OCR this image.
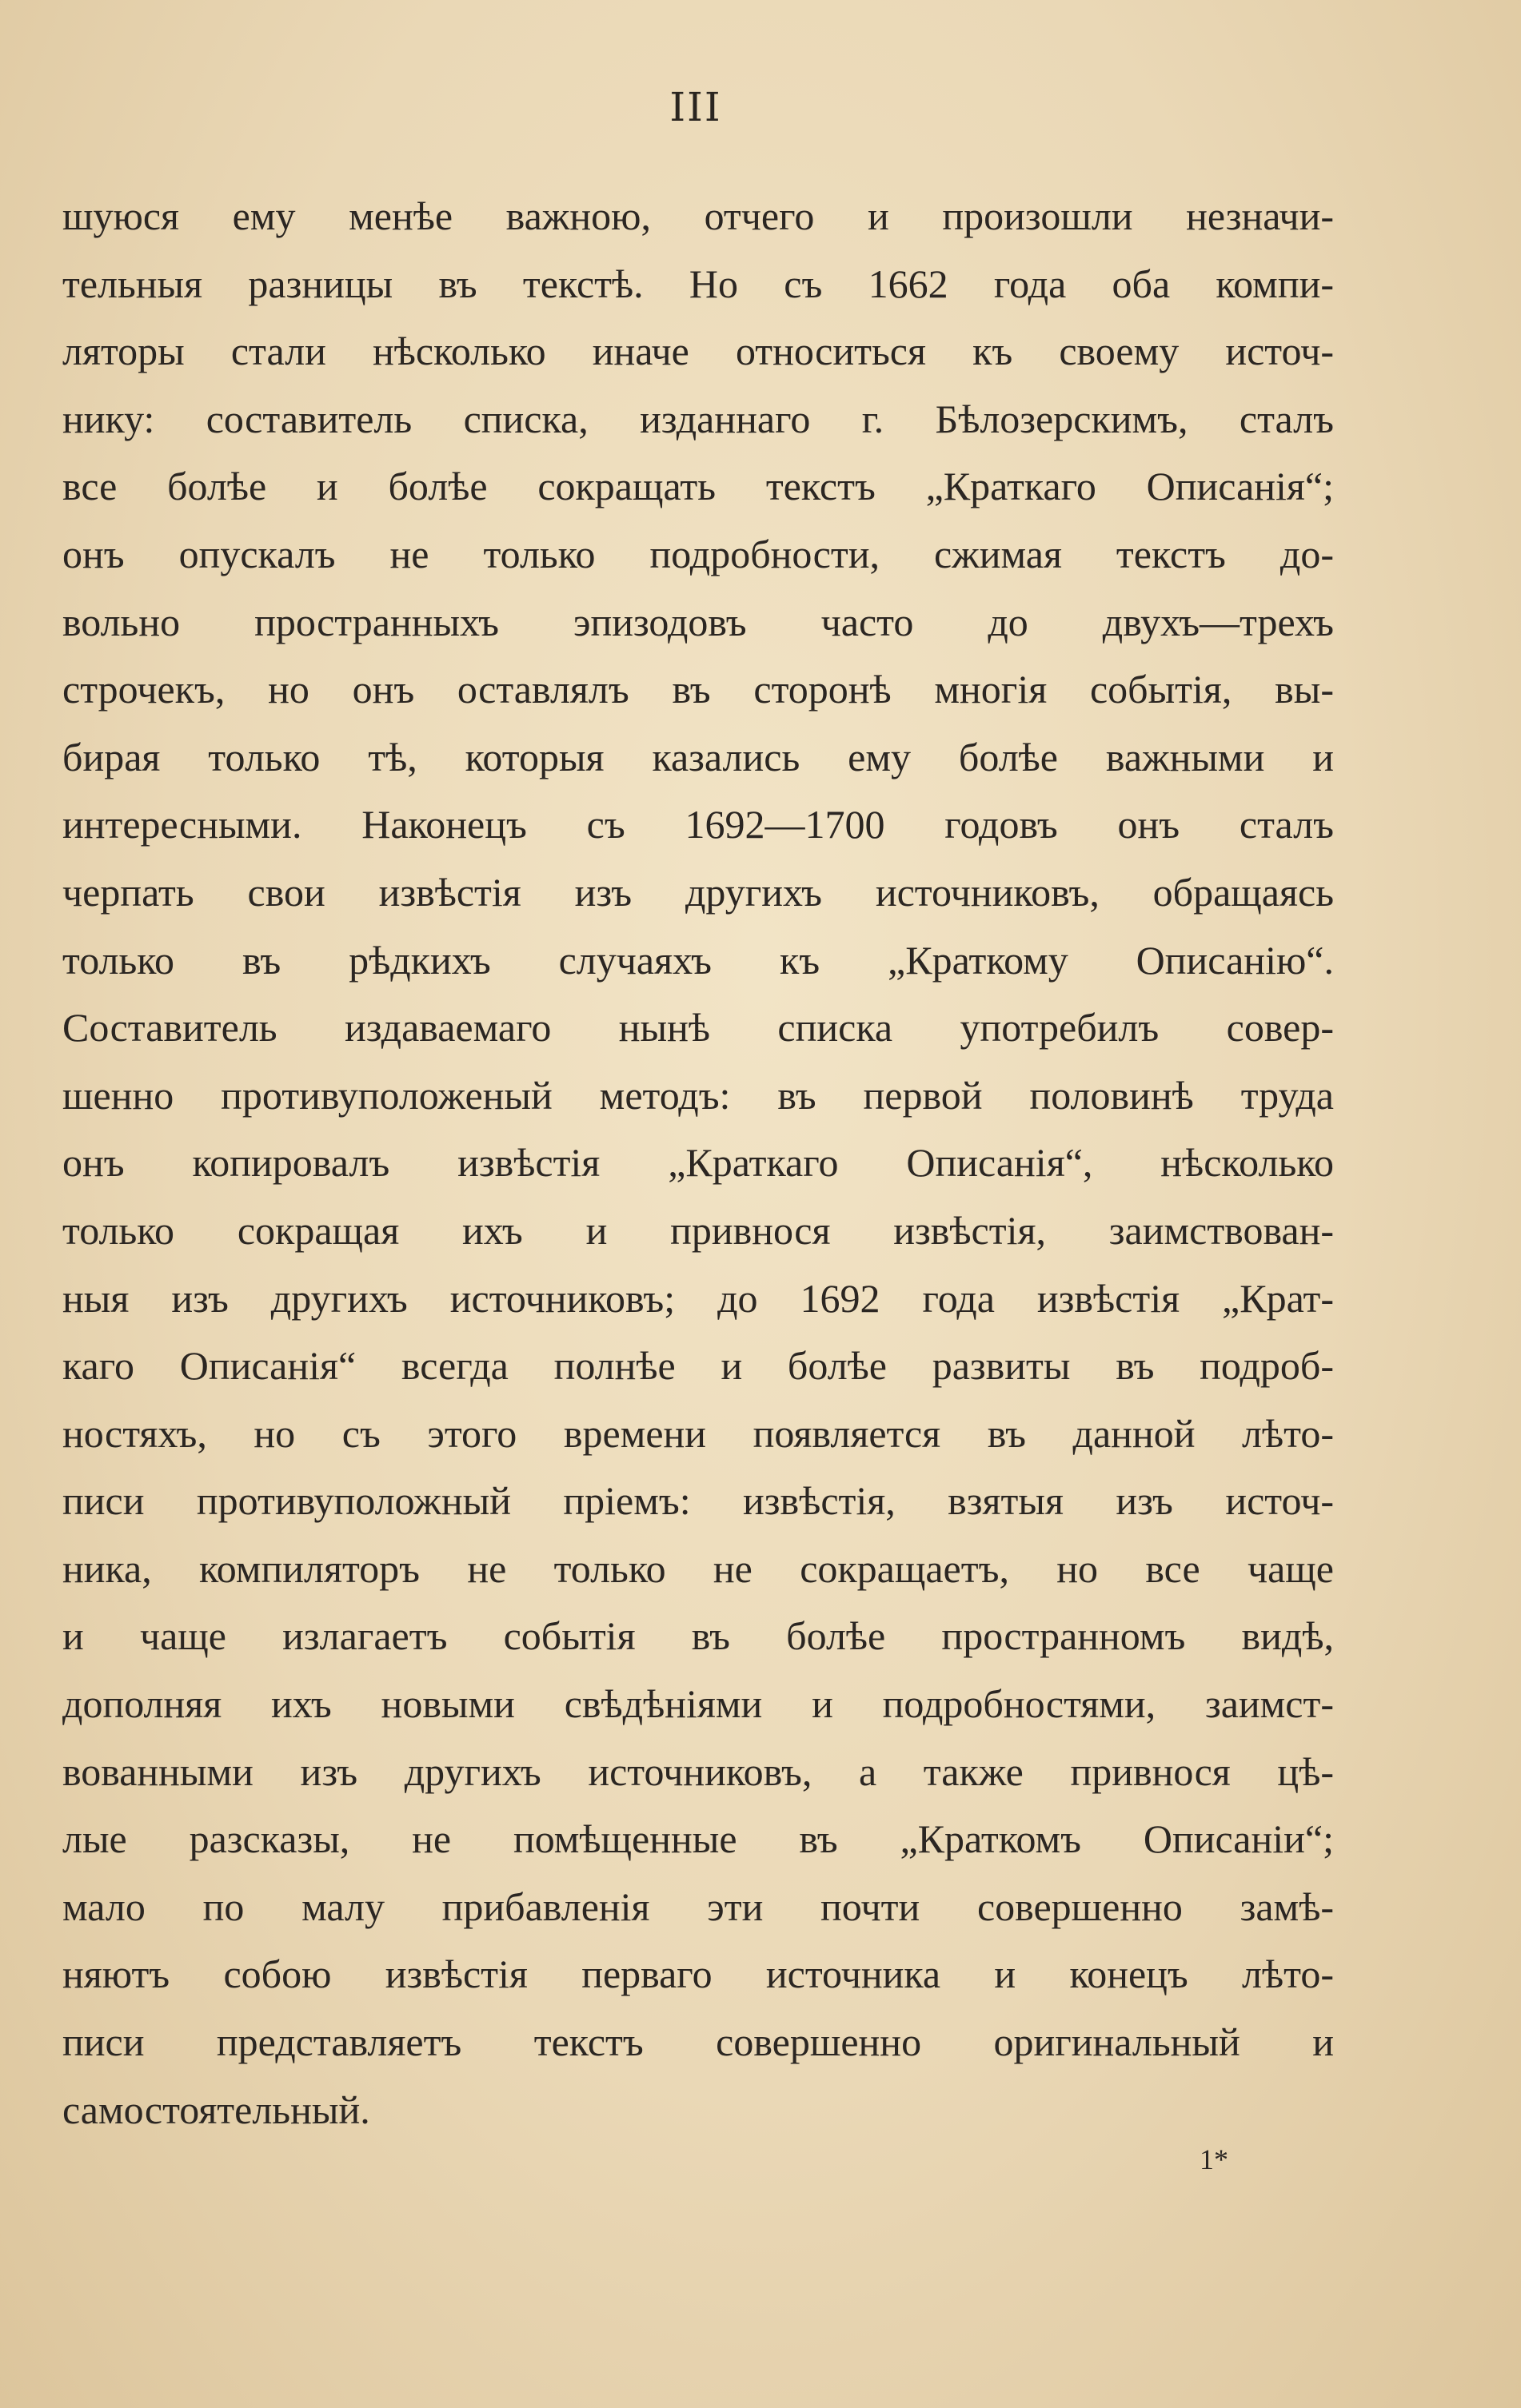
III
шуюся ему менѣе важною, отчего и произошли незначи-
тельныя разницы въ текстѣ. Но съ 1662 года оба компи-
ляторы стали нѣсколько иначе относиться къ своему источ-
нику: составитель списка, изданнаго г. Бѣлозерскимъ, сталъ
все болѣе и болѣе сокращать текстъ „Краткаго Описанія“;
онъ опускалъ не только подробности, сжимая текстъ до-
вольно пространныхъ эпизодовъ часто до двухъ—трехъ
строчекъ, но онъ оставлялъ въ сторонѣ многія событія, вы-
бирая только тѣ, которыя казались ему болѣе важными и
интересными. Наконецъ съ 1692—1700 годовъ онъ сталъ
черпать свои извѣстія изъ другихъ источниковъ, обращаясь
только въ рѣдкихъ случаяхъ къ „Краткому Описанію“.
Составитель издаваемаго нынѣ списка употребилъ совер-
шенно противуположеный методъ: въ первой половинѣ труда
онъ копировалъ извѣстія „Краткаго Описанія“, нѣсколько
только сокращая ихъ и привнося извѣстія, заимствован-
ныя изъ другихъ источниковъ; до 1692 года извѣстія „Крат-
каго Описанія“ всегда полнѣе и болѣе развиты въ подроб-
ностяхъ, но съ этого времени появляется въ данной лѣто-
писи противуположный пріемъ: извѣстія, взятыя изъ источ-
ника, компиляторъ не только не сокращаетъ, но все чаще
и чаще излагаетъ событія въ болѣе пространномъ видѣ,
дополняя ихъ новыми свѣдѣніями и подробностями, заимст-
вованными изъ другихъ источниковъ, а также привнося цѣ-
лые разсказы, не помѣщенные въ „Краткомъ Описаніи“;
мало по малу прибавленія эти почти совершенно замѣ-
няютъ собою извѣстія перваго источника и конецъ лѣто-
писи представляетъ текстъ совершенно оригинальный и
самостоятельный.
1*
